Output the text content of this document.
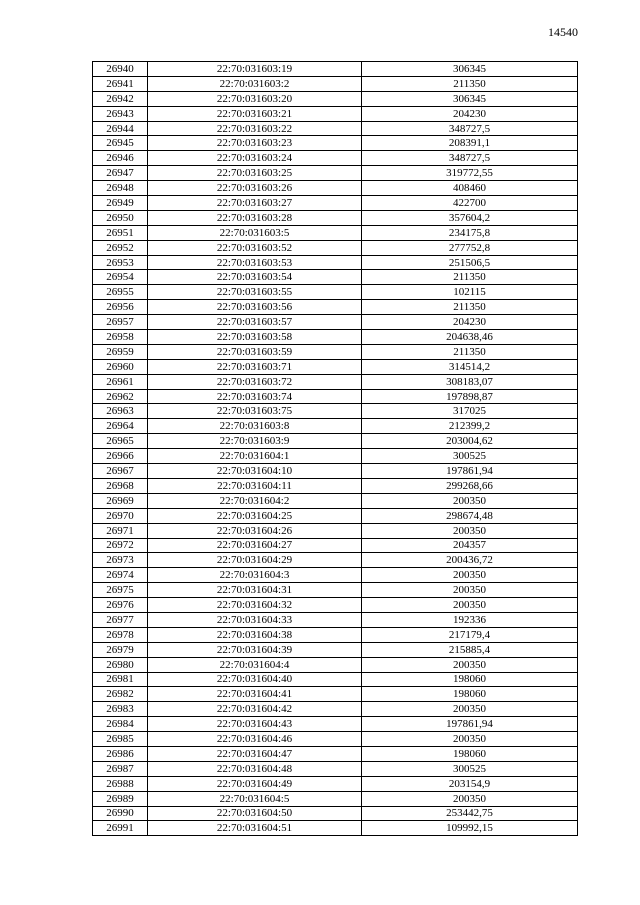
14540
26940	22:70:031603:19	306345
26941	22:70:031603:2	211350
26942	22:70:031603:20	306345
26943	22:70:031603:21	204230
26944	22:70:031603:22	348727,5
26945	22:70:031603:23	208391,1
26946	22:70:031603:24	348727,5
26947	22:70:031603:25	319772,55
26948	22:70:031603:26	408460
26949	22:70:031603:27	422700
26950	22:70:031603:28	357604,2
26951	22:70:031603:5	234175,8
26952	22:70:031603:52	277752,8
26953	22:70:031603:53	251506,5
26954	22:70:031603:54	211350
26955	22:70:031603:55	102115
26956	22:70:031603:56	211350
26957	22:70:031603:57	204230
26958	22:70:031603:58	204638,46
26959	22:70:031603:59	211350
26960	22:70:031603:71	314514,2
26961	22:70:031603:72	308183,07
26962	22:70:031603:74	197898,87
26963	22:70:031603:75	317025
26964	22:70:031603:8	212399,2
26965	22:70:031603:9	203004,62
26966	22:70:031604:1	300525
26967	22:70:031604:10	197861,94
26968	22:70:031604:11	299268,66
26969	22:70:031604:2	200350
26970	22:70:031604:25	298674,48
26971	22:70:031604:26	200350
26972	22:70:031604:27	204357
26973	22:70:031604:29	200436,72
26974	22:70:031604:3	200350
26975	22:70:031604:31	200350
26976	22:70:031604:32	200350
26977	22:70:031604:33	192336
26978	22:70:031604:38	217179,4
26979	22:70:031604:39	215885,4
26980	22:70:031604:4	200350
26981	22:70:031604:40	198060
26982	22:70:031604:41	198060
26983	22:70:031604:42	200350
26984	22:70:031604:43	197861,94
26985	22:70:031604:46	200350
26986	22:70:031604:47	198060
26987	22:70:031604:48	300525
26988	22:70:031604:49	203154,9
26989	22:70:031604:5	200350
26990	22:70:031604:50	253442,75
26991	22:70:031604:51	109992,15
